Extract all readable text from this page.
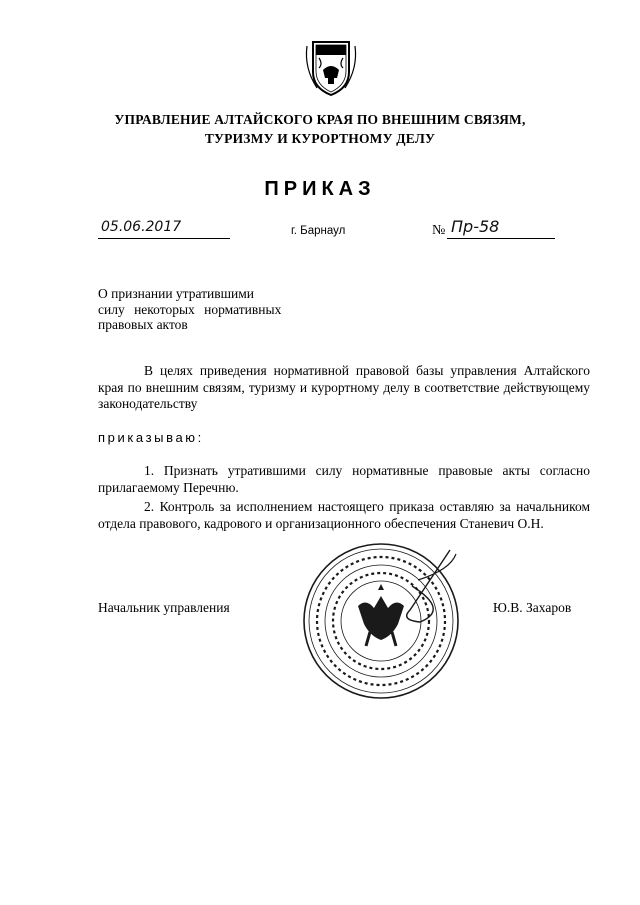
УПРАВЛЕНИЕ АЛТАЙСКОГО КРАЯ ПО ВНЕШНИМ СВЯЗЯМ,
ТУРИЗМУ И КУРОРТНОМУ ДЕЛУ
ПРИКАЗ
05.06.2017	г. Барнаул	№ Пр-58
О признании утратившими
силу некоторых нормативных
правовых актов
В целях приведения нормативной правовой базы управления Алтайского края по внешним связям, туризму и курортному делу в соответствие действующему законодательству
приказываю:
1. Признать утратившими силу нормативные правовые акты согласно прилагаемому Перечню.
2. Контроль за исполнением настоящего приказа оставляю за начальником отдела правового, кадрового и организационного обеспечения Станевич О.Н.
Начальник управления	Ю.В. Захаров
